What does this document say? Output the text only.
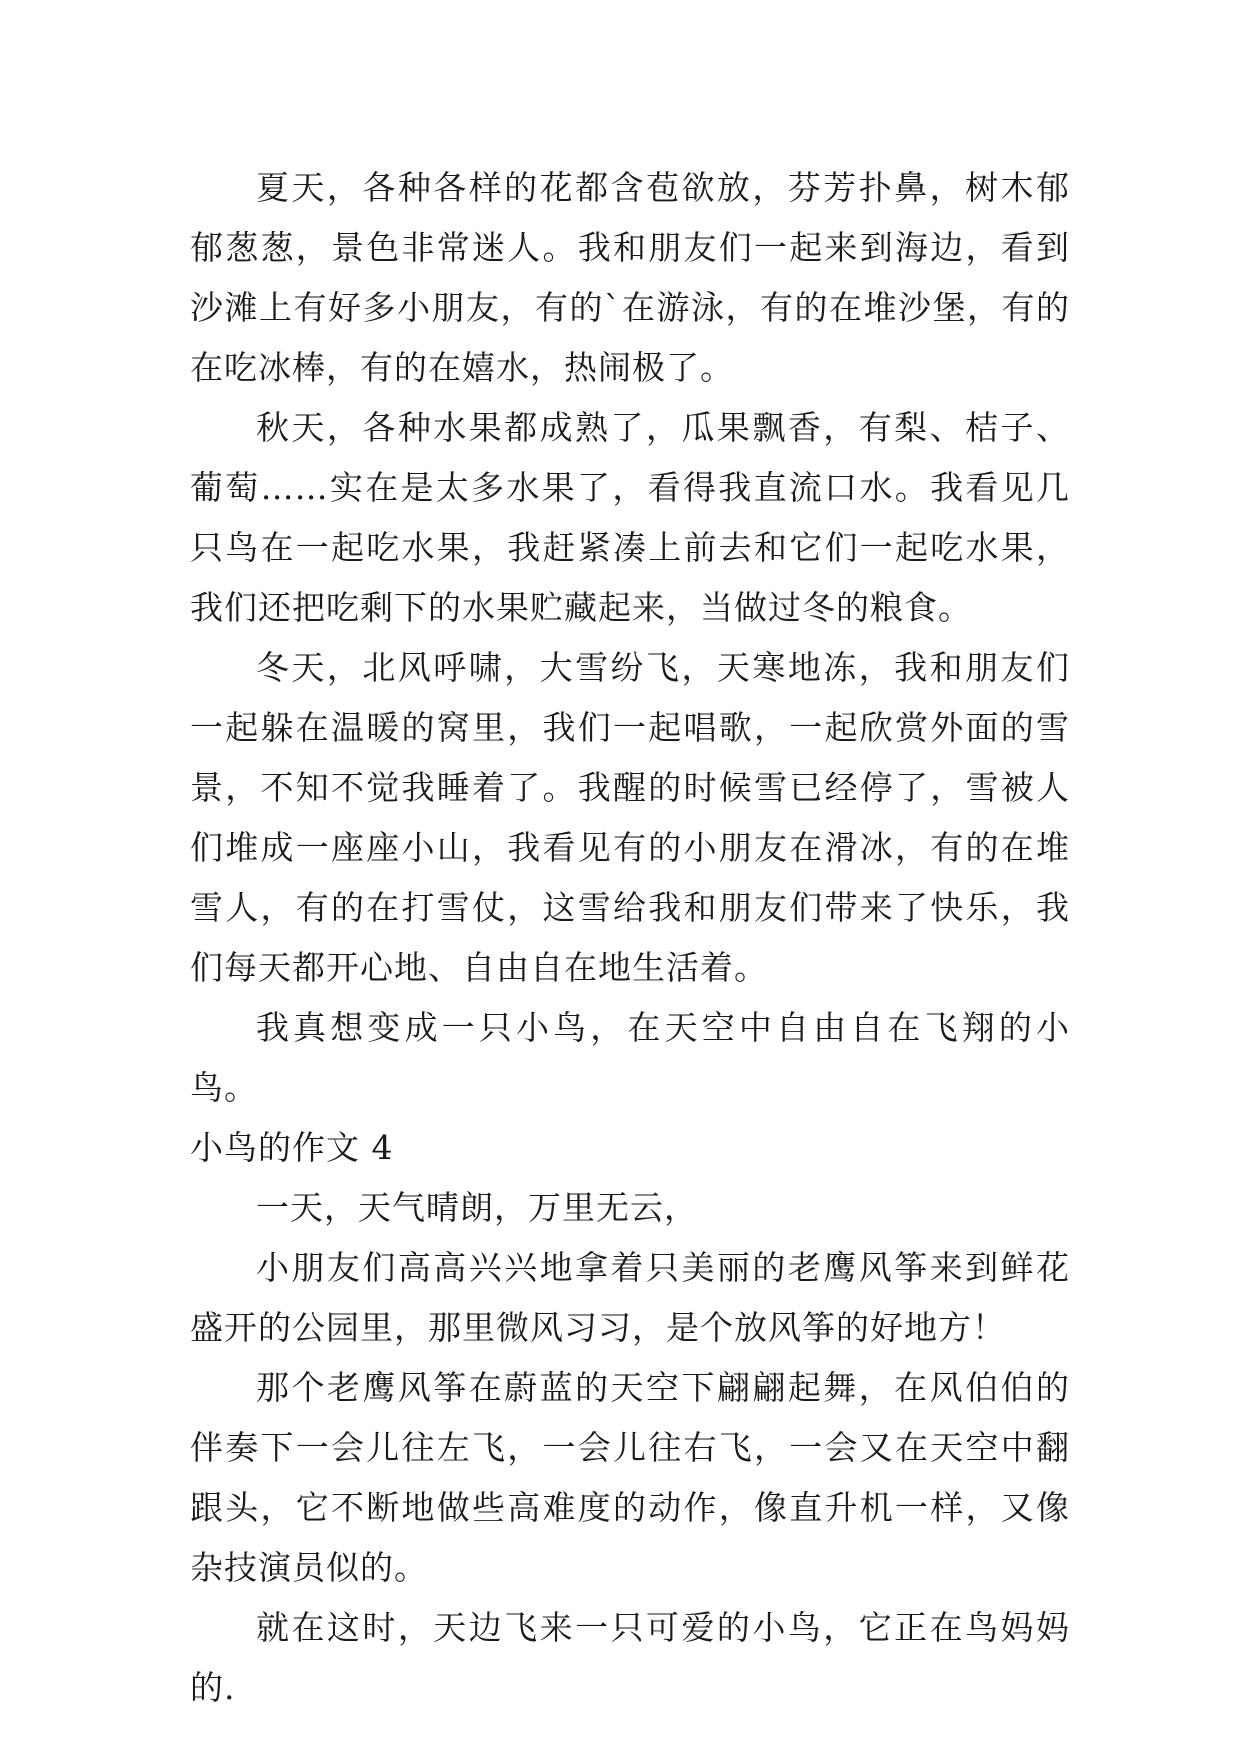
夏天，各种各样的花都含苞欲放，芬芳扑鼻，树木郁郁葱葱，景色非常迷人。我和朋友们一起来到海边，看到沙滩上有好多小朋友，有的`在游泳，有的在堆沙堡，有的在吃冰棒，有的在嬉水，热闹极了。

秋天，各种水果都成熟了，瓜果飘香，有梨、桔子、葡萄……实在是太多水果了，看得我直流口水。我看见几只鸟在一起吃水果，我赶紧凑上前去和它们一起吃水果，我们还把吃剩下的水果贮藏起来，当做过冬的粮食。

冬天，北风呼啸，大雪纷飞，天寒地冻，我和朋友们一起躲在温暖的窝里，我们一起唱歌，一起欣赏外面的雪景，不知不觉我睡着了。我醒的时候雪已经停了，雪被人们堆成一座座小山，我看见有的小朋友在滑冰，有的在堆雪人，有的在打雪仗，这雪给我和朋友们带来了快乐，我们每天都开心地、自由自在地生活着。

我真想变成一只小鸟，在天空中自由自在飞翔的小鸟。

小鸟的作文 4

一天，天气晴朗，万里无云，

小朋友们高高兴兴地拿着只美丽的老鹰风筝来到鲜花盛开的公园里，那里微风习习，是个放风筝的好地方！

那个老鹰风筝在蔚蓝的天空下翩翩起舞，在风伯伯的伴奏下一会儿往左飞，一会儿往右飞，一会又在天空中翻跟头，它不断地做些高难度的动作，像直升机一样，又像杂技演员似的。

就在这时，天边飞来一只可爱的小鸟，它正在鸟妈妈的.
